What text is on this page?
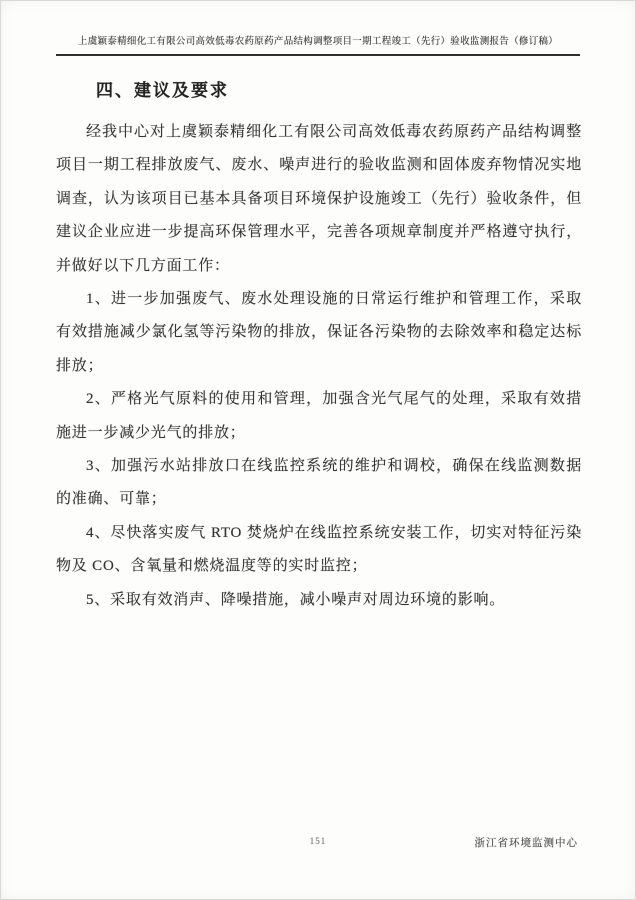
上虞颖泰精细化工有限公司高效低毒农药原药产品结构调整项目一期工程竣工（先行）验收监测报告（修订稿）
四、建议及要求

经我中心对上虞颖泰精细化工有限公司高效低毒农药原药产品结构调整项目一期工程排放废气、废水、噪声进行的验收监测和固体废弃物情况实地调查，认为该项目已基本具备项目环境保护设施竣工（先行）验收条件，但建议企业应进一步提高环保管理水平，完善各项规章制度并严格遵守执行，并做好以下几方面工作：

1、进一步加强废气、废水处理设施的日常运行维护和管理工作，采取有效措施减少氯化氢等污染物的排放，保证各污染物的去除效率和稳定达标排放；

2、严格光气原料的使用和管理，加强含光气尾气的处理，采取有效措施进一步减少光气的排放；

3、加强污水站排放口在线监控系统的维护和调校，确保在线监测数据的准确、可靠；

4、尽快落实废气 RTO 焚烧炉在线监控系统安装工作，切实对特征污染物及 CO、含氧量和燃烧温度等的实时监控；

5、采取有效消声、降噪措施，减小噪声对周边环境的影响。

151	浙江省环境监测中心
